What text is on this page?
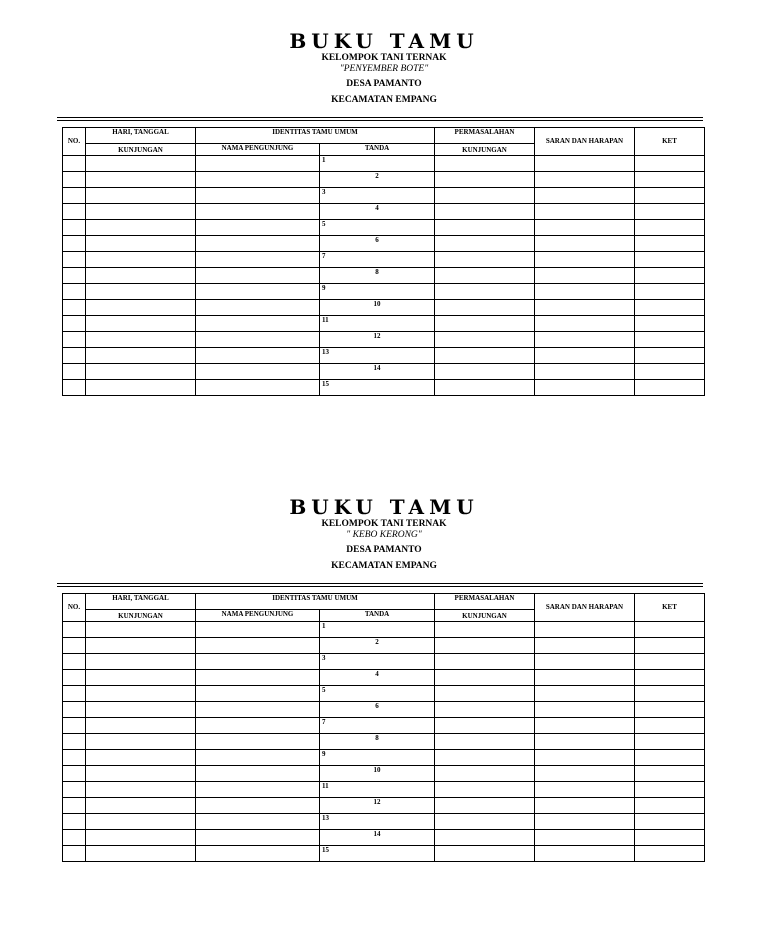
BUKU TAMU
KELOMPOK TANI TERNAK
"PENYEMBER BOTE"
DESA PAMANTO
KECAMATAN EMPANG
NO.	HARI, TANGGAL	IDENTITAS TAMU UMUM		PERMASALAHAN	SARAN DAN HARAPAN	KET
	KUNJUNGAN	NAMA PENGUNJUNG	TANDA	KUNJUNGAN		
			1			
			2			
			3			
			4			
			5			
			6			
			7			
			8			
			9			
			10			
			11			
			12			
			13			
			14			
			15			
BUKU TAMU
KELOMPOK TANI TERNAK
" KEBO KERONG"
DESA PAMANTO
KECAMATAN EMPANG
NO.	HARI, TANGGAL	IDENTITAS TAMU UMUM		PERMASALAHAN	SARAN DAN HARAPAN	KET
	KUNJUNGAN	NAMA PENGUNJUNG	TANDA	KUNJUNGAN		
			1			
			2			
			3			
			4			
			5			
			6			
			7			
			8			
			9			
			10			
			11			
			12			
			13			
			14			
			15			
